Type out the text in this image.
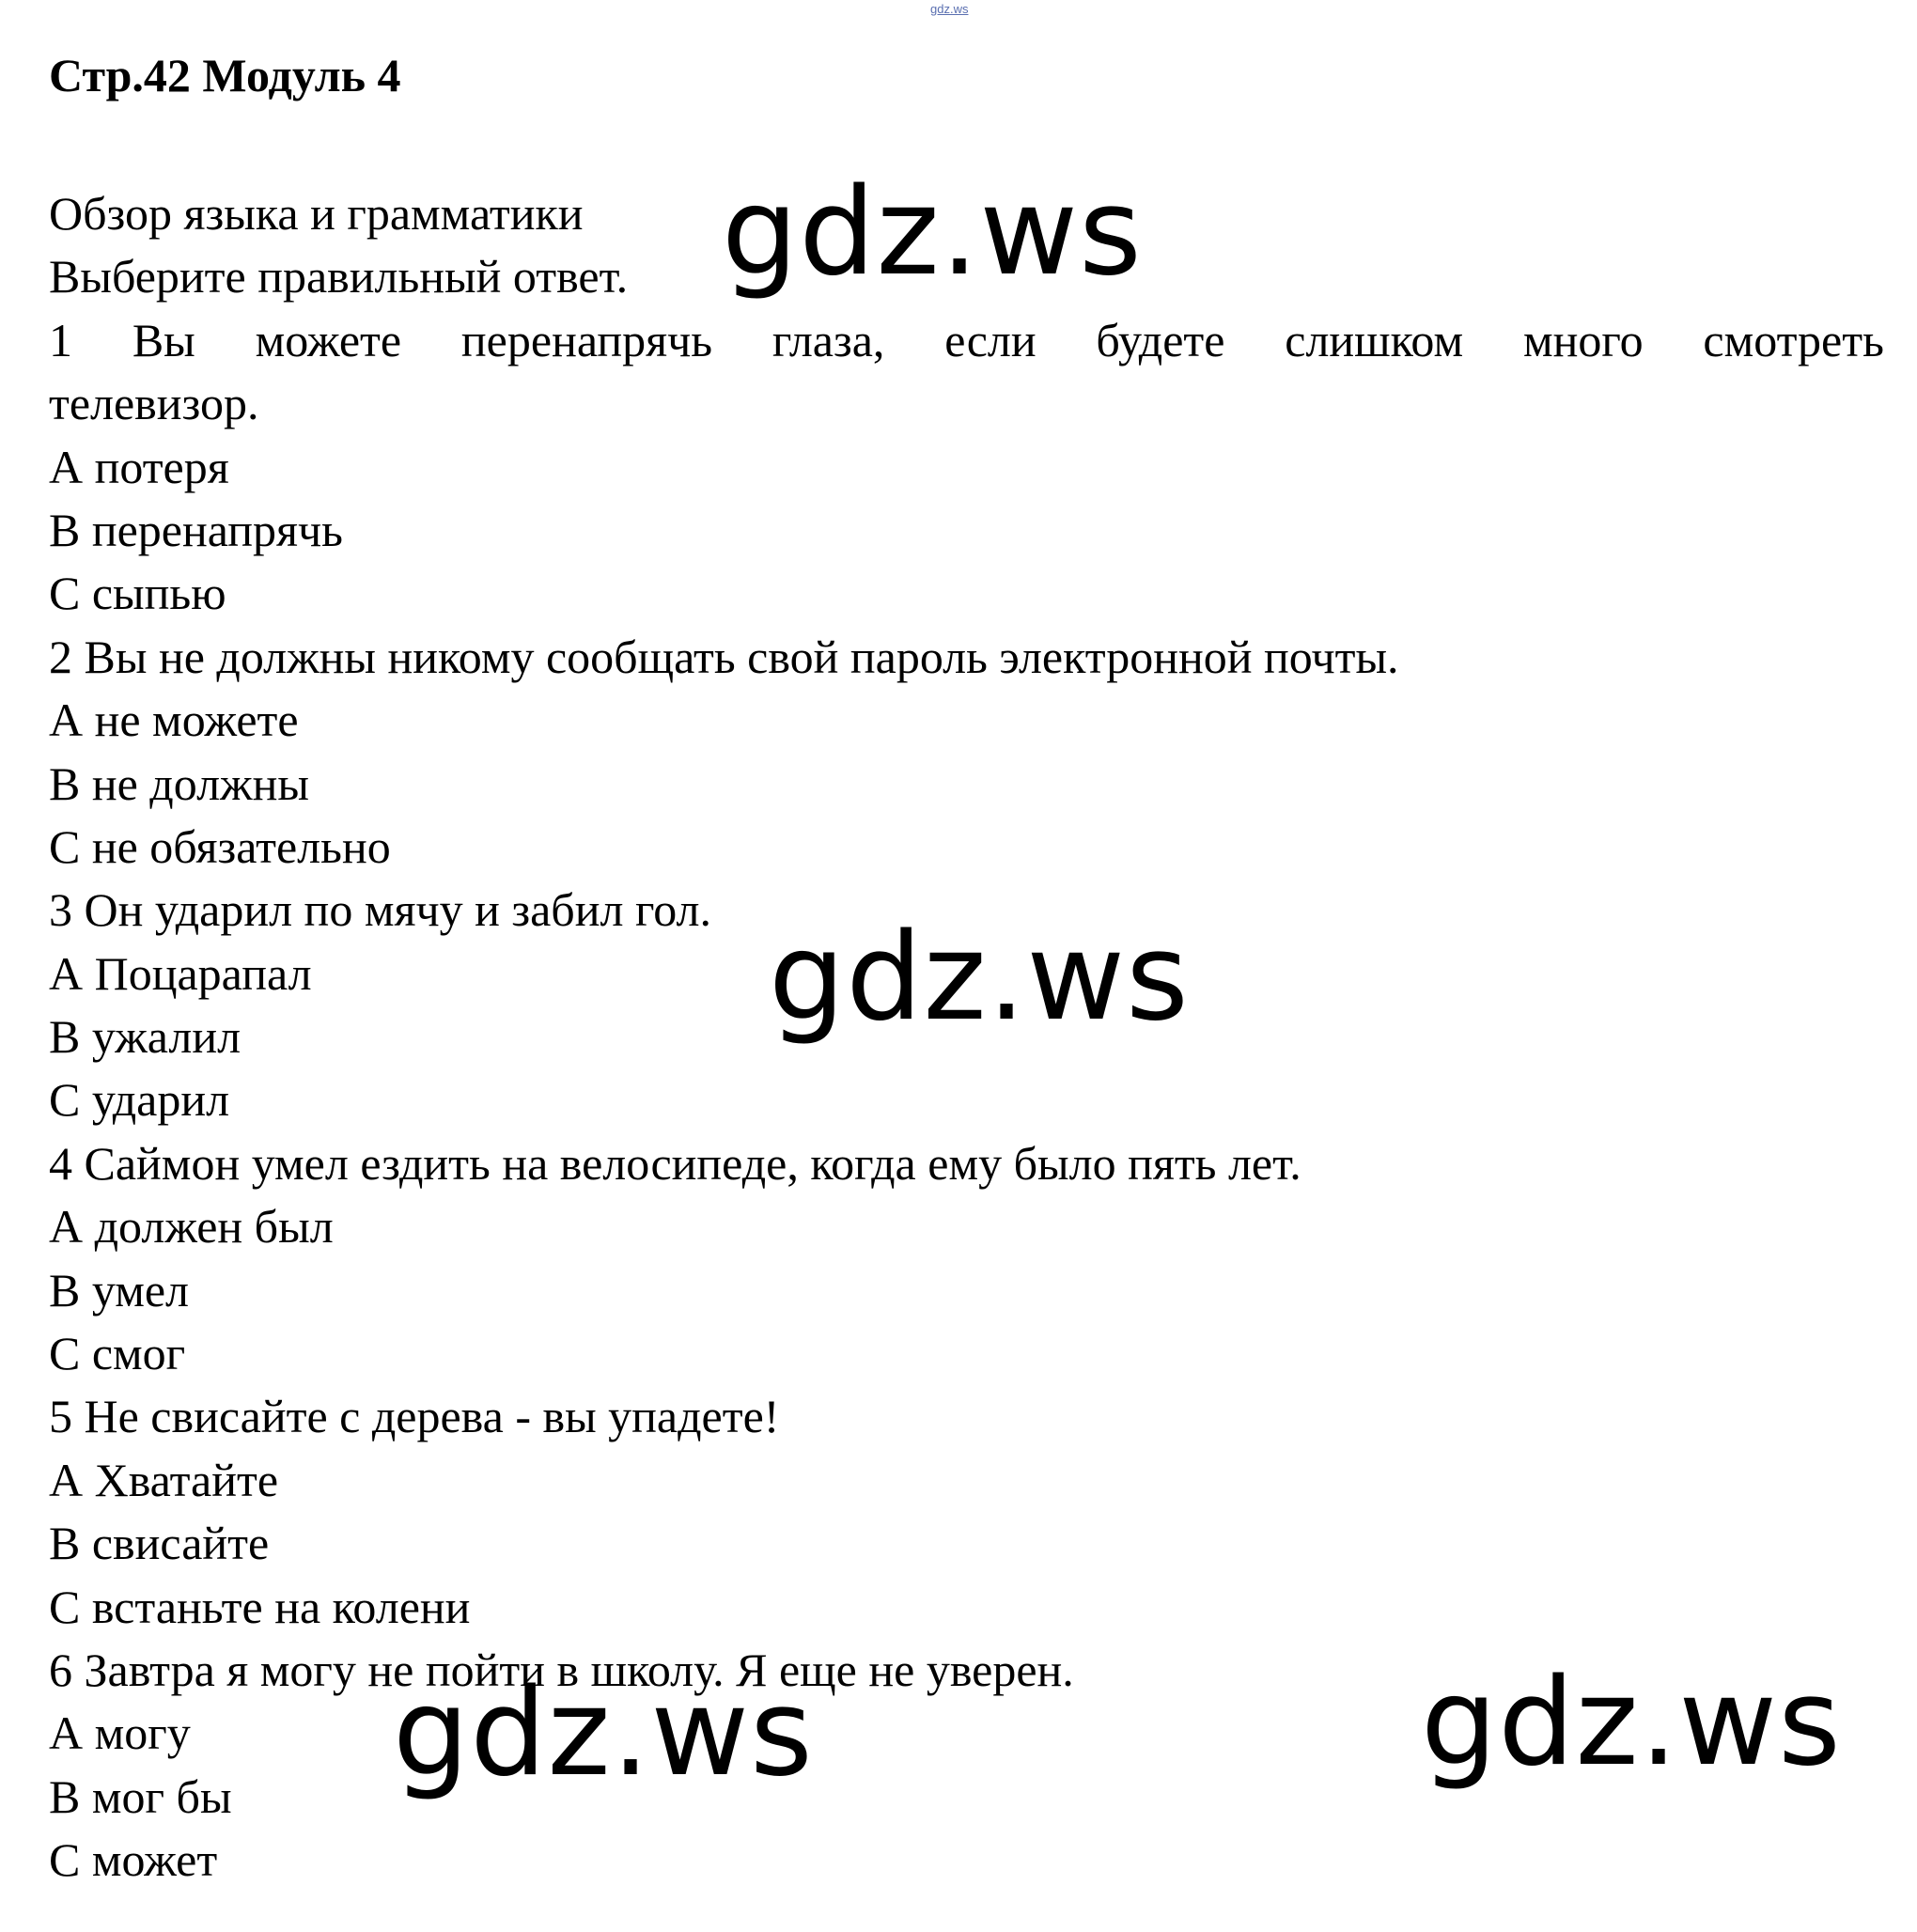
gdz.ws
Стр.42 Модуль 4
Обзор языка и грамматики
Выберите правильный ответ.
1 Вы можете перенапрячь глаза, если будете слишком много смотреть
телевизор.
А потеря
В перенапрячь
С сыпью
2 Вы не должны никому сообщать свой пароль электронной почты.
А не можете
В не должны
С не обязательно
3 Он ударил по мячу и забил гол.
А Поцарапал
В ужалил
С ударил
4 Саймон умел ездить на велосипеде, когда ему было пять лет.
А должен был
В умел
С смог
5 Не свисайте с дерева - вы упадете!
А Хватайте
В свисайте
С встаньте на колени
6 Завтра я могу не пойти в школу. Я еще не уверен.
А могу
В мог бы
С может
gdz.ws
gdz.ws
gdz.ws	gdz.ws
